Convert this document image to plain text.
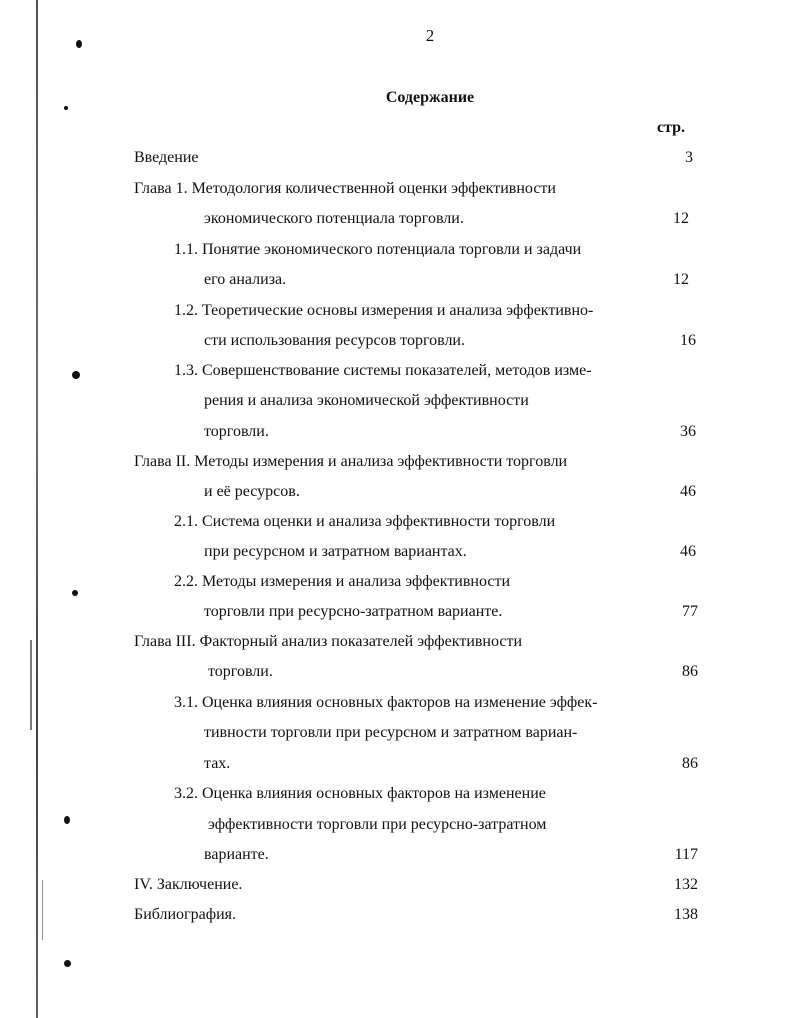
2
Содержание
стр.
Введение	3
Глава 1. Методология количественной оценки эффективности
экономического потенциала торговли.	12
1.1. Понятие экономического потенциала торговли и задачи
его анализа.	12
1.2. Теоретические основы измерения и анализа эффективно-
сти использования ресурсов торговли.	16
1.3. Совершенствование системы показателей, методов изме-
рения и анализа экономической эффективности
торговли.	36
Глава II. Методы измерения и анализа эффективности торговли
и её ресурсов.	46
2.1. Система оценки и анализа эффективности торговли
при ресурсном и затратном вариантах.	46
2.2. Методы измерения и анализа эффективности
торговли при ресурсно-затратном варианте.	77
Глава III. Факторный анализ показателей эффективности
торговли.	86
3.1. Оценка влияния основных факторов на изменение эффек-
тивности торговли при ресурсном и затратном вариан-
тах.	86
3.2. Оценка влияния основных факторов на изменение
эффективности торговли при ресурсно-затратном
варианте.	117
IV. Заключение.	132
Библиография.	138
